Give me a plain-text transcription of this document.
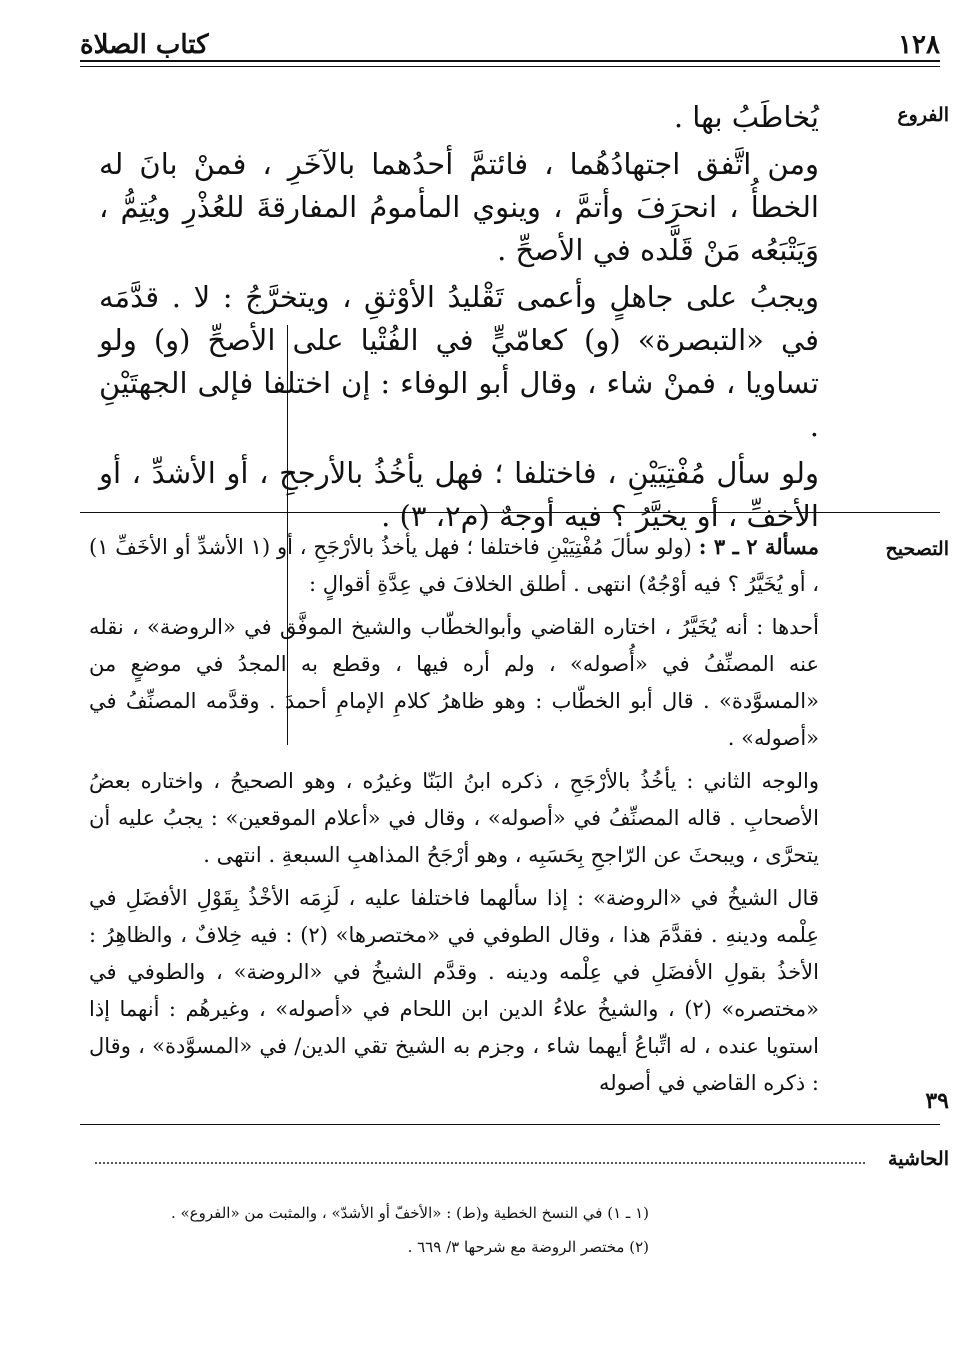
١٢٨
كتاب الصلاة
الفروع

يُخاطَبُ بها .

ومن اتَّفق اجتهادُهُما ، فائتمَّ أحدُهما بالآخَرِ ، فمنْ بانَ له الخطأُ ، انحرَفَ وأتمَّ ، وينوي المأمومُ المفارقةَ للعُذْرِ ويُتِمُّ ، وَيَتْبَعُه مَنْ قَلَّده في الأصحِّ .

ويجبُ على جاهلٍ وأعمى تَقْليدُ الأوْثقِ ، ويتخرَّجُ : لا . قدَّمَه في «التبصرة» (و) كعامّيٍّ في الفُتْيا على الأصحِّ (و) ولو تساويا ، فمنْ شاء ، وقال أبو الوفاء : إن اختلفا فإلى الجهتَيْنِ .

ولو سأل مُفْتِيَيْنِ ، فاختلفا ؛ فهل يأخُذُ بالأرجحِ ، أو الأشدِّ ، أو الأخفِّ ، أو يخيَّرُ ؟ فيه أوجهٌ (م٢، ٣) .

التصحيح

مسألة ٢ ـ ٣ : (ولو سألَ مُفْتِيَيْنِ فاختلفا ؛ فهل يأخذُ بالأرْجَحِ ، أو (١ الأشدِّ أو الأخَفِّ ١) ، أو يُخَيَّرُ ؟ فيه أوْجُهٌ) انتهى . أطلق الخلافَ في عِدَّةِ أقوالٍ :

أحدها : أنه يُخَيَّرُ ، اختاره القاضي وأبوالخطّاب والشيخ الموفَّق في «الروضة» ، نقله عنه المصنِّفُ في «أُصوله» ، ولم أره فيها ، وقطع به المجدُ في موضعٍ من «المسوَّدة» . قال أبو الخطّاب : وهو ظاهرُ كلامِ الإمامِ أحمدَ . وقدَّمه المصنِّفُ في «أصوله» .

والوجه الثاني : يأخُذُ بالأرْجَحِ ، ذكره ابنُ البَنّا وغيرُه ، وهو الصحيحُ ، واختاره بعضُ الأصحابِ . قاله المصنِّفُ في «أصوله» ، وقال في «أعلام الموقعين» : يجبُ عليه أن يتحرَّى ، ويبحثَ عن الرّاجحِ بِحَسَبِه ، وهو أرْجَحُ المذاهبِ السبعةِ . انتهى .

قال الشيخُ في «الروضة» : إذا سألهما فاختلفا عليه ، لَزِمَه الأخْذُ بِقَوْلِ الأفضَلِ في عِلْمه ودينهِ . فقدَّمَ هذا ، وقال الطوفي في «مختصرها» (٢) : فيه خِلافٌ ، والظاهِرُ : الأخذُ بقولِ الأفضَلِ في عِلْمه ودينه . وقدَّم الشيخُ في «الروضة» ، والطوفي في «مختصره» (٢) ، والشيخُ علاءُ الدين ابن اللحام في «أصوله» ، وغيرهُم : أنهما إذا استويا عنده ، له اتِّباعُ أيهما شاء ، وجزم به الشيخ تقي الدين/ في «المسوَّدة» ، وقال : ذكره القاضي في أصوله

٣٩
الحاشية
(١ ـ ١) في النسخ الخطية و(ط) : «الأخفّ أو الأشدّ» ، والمثبت من «الفروع» .
(٢) مختصر الروضة مع شرحها ٣/ ٦٦٩ .
